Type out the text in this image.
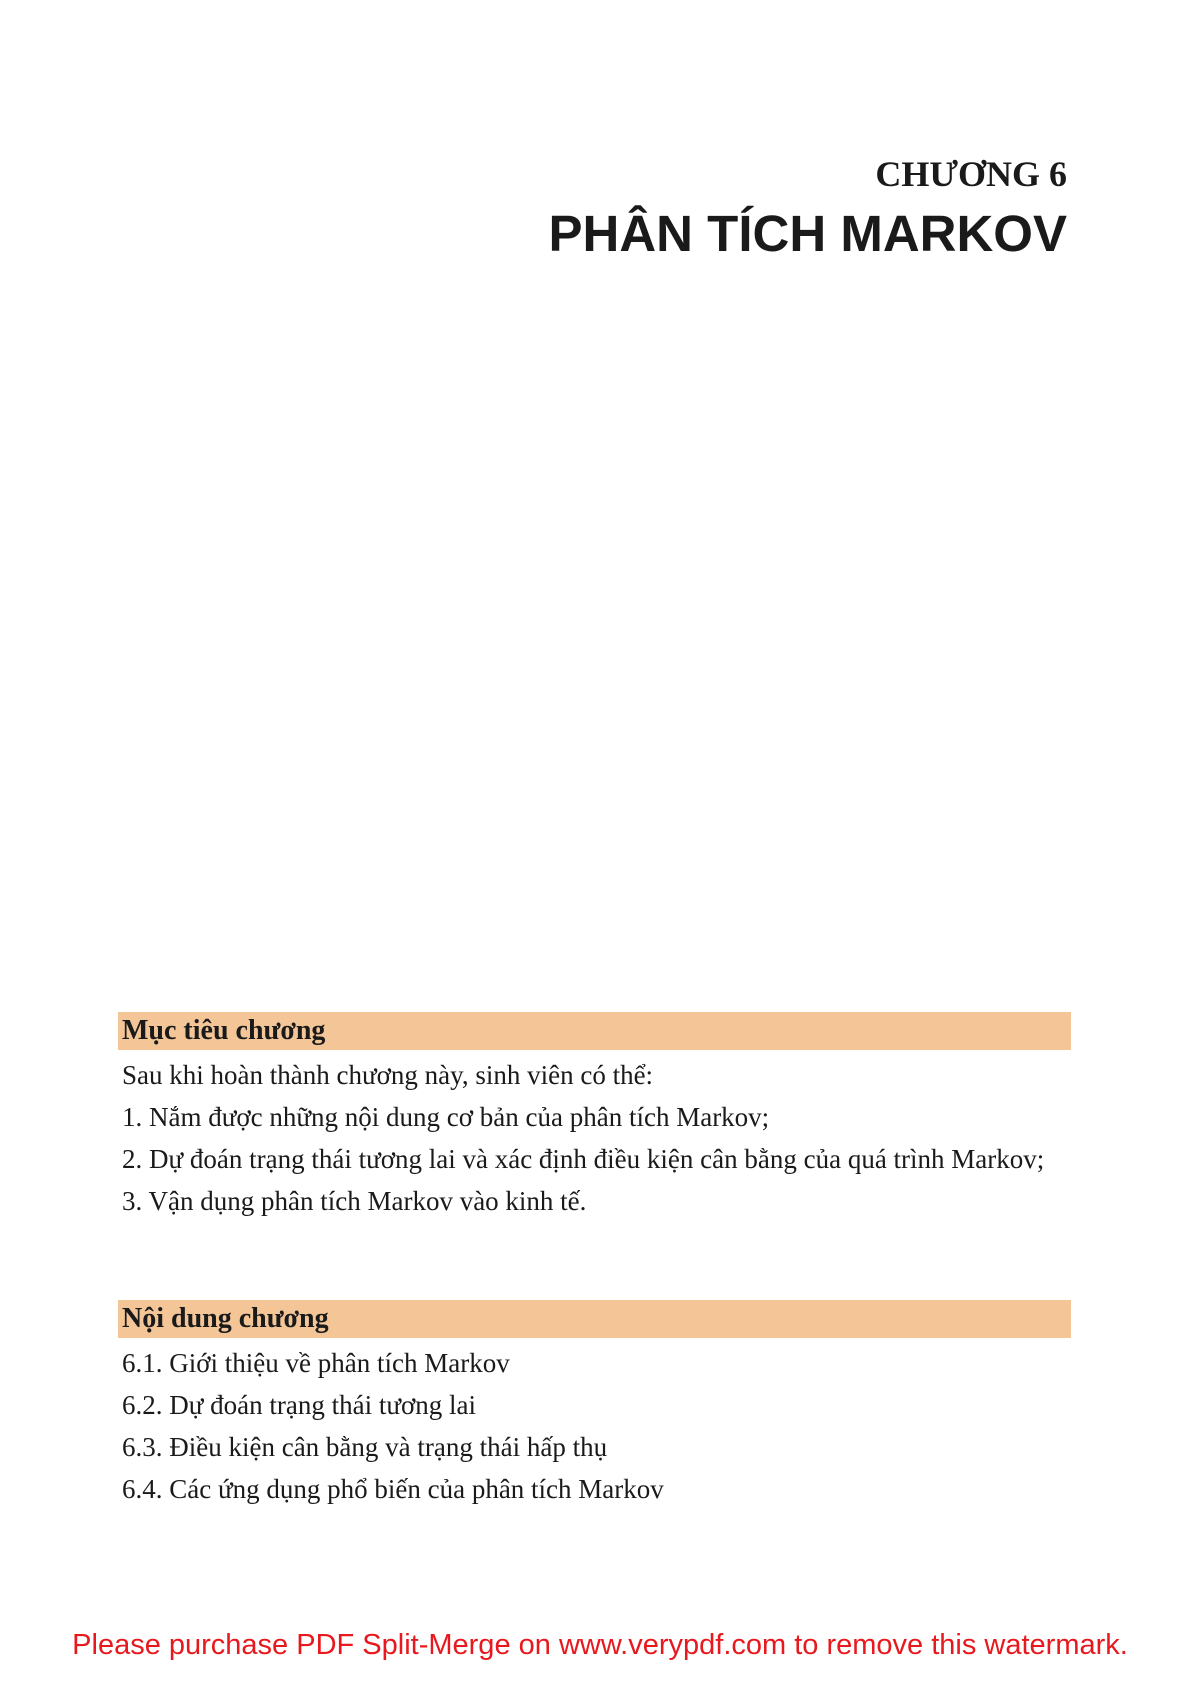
CHƯƠNG 6
PHÂN TÍCH MARKOV
Mục tiêu chương
Sau khi hoàn thành chương này, sinh viên có thể:
1. Nắm được những nội dung cơ bản của phân tích Markov;
2. Dự đoán trạng thái tương lai và xác định điều kiện cân bằng của quá trình Markov;
3. Vận dụng phân tích Markov vào kinh tế.
Nội dung chương
6.1. Giới thiệu về phân tích Markov
6.2. Dự đoán trạng thái tương lai
6.3. Điều kiện cân bằng và trạng thái hấp thụ
6.4. Các ứng dụng phổ biến của phân tích Markov
Please purchase PDF Split-Merge on www.verypdf.com to remove this watermark.
